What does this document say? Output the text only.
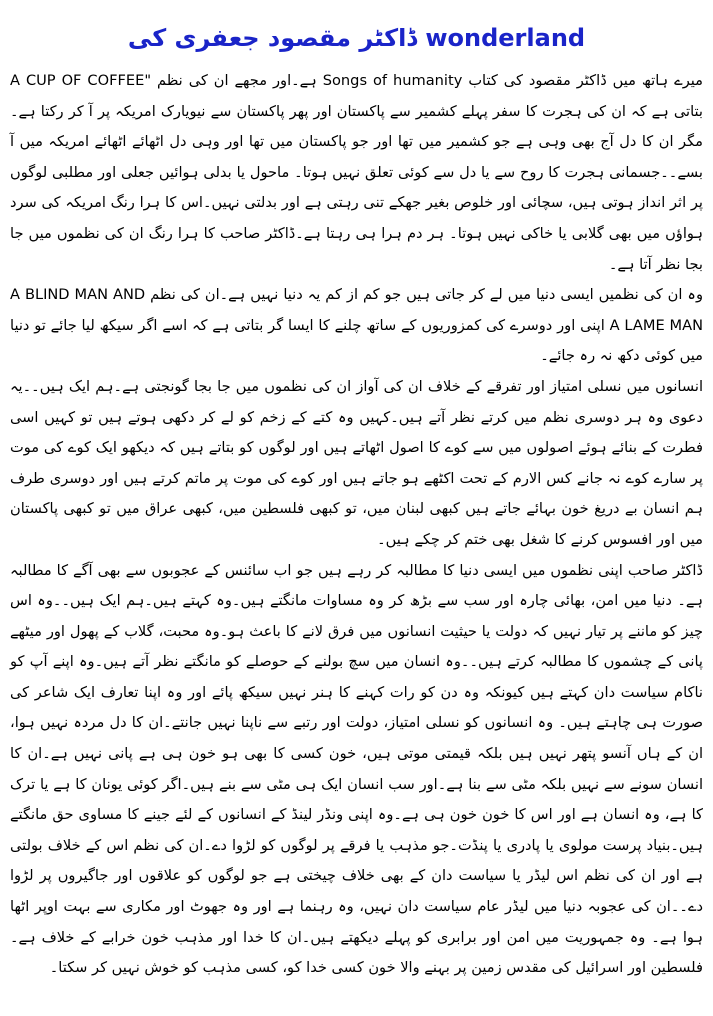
ڈاکٹر مقصود جعفری کی wonderland

میرے ہاتھ میں ڈاکٹر مقصود کی کتاب Songs of humanity ہے۔اور مجھے ان کی نظم "A CUP OF COFFEE بتاتی ہے کہ ان کی ہجرت کا سفر پہلے کشمیر سے پاکستان اور پھر پاکستان سے نیویارک امریکہ پر آ کر رکتا ہے۔مگر ان کا دل آج بھی وہی ہے جو کشمیر میں تھا اور جو پاکستان میں تھا اور وہی دل اٹھائے اٹھائے امریکہ میں آ بسے۔۔جسمانی ہجرت کا روح سے یا دل سے کوئی تعلق نہیں ہوتا۔ ماحول یا بدلی ہوائیں جعلی اور مطلبی لوگوں پر اثر انداز ہوتی ہیں، سچائی اور خلوص بغیر جھکے تنی رہتی ہے اور بدلتی نہیں۔اس کا ہرا رنگ امریکہ کی سرد ہواؤں میں بھی گلابی یا خاکی نہیں ہوتا۔ ہر دم ہرا ہی رہتا ہے۔ڈاکٹر صاحب کا ہرا رنگ ان کی نظموں میں جا بجا نظر آتا ہے۔

وہ ان کی نظمیں ایسی دنیا میں لے کر جاتی ہیں جو کم از کم یہ دنیا نہیں ہے۔ان کی نظم A BLIND MAN AND A LAME MAN اپنی اور دوسرے کی کمزوریوں کے ساتھ چلنے کا ایسا گر بتاتی ہے کہ اسے اگر سیکھ لیا جائے تو دنیا میں کوئی دکھ نہ رہ جائے۔

انسانوں میں نسلی امتیاز اور تفرقے کے خلاف ان کی آواز ان کی نظموں میں جا بجا گونجتی ہے۔ہم ایک ہیں۔۔یہ دعوی وہ ہر دوسری نظم میں کرتے نظر آتے ہیں۔کہیں وہ کتے کے زخم کو لے کر دکھی ہوتے ہیں تو کہیں اسی فطرت کے بنائے ہوئے اصولوں میں سے کوے کا اصول اٹھاتے ہیں اور لوگوں کو بتاتے ہیں کہ دیکھو ایک کوے کی موت پر سارے کوے نہ جانے کس الارم کے تحت اکٹھے ہو جاتے ہیں اور کوے کی موت پر ماتم کرتے ہیں اور دوسری طرف ہم انسان بے دریغ خون بہائے جاتے ہیں کبھی لبنان میں، تو کبھی فلسطین میں، کبھی عراق میں تو کبھی پاکستان میں اور افسوس کرنے کا شغل بھی ختم کر چکے ہیں۔

ڈاکٹر صاحب اپنی نظموں میں ایسی دنیا کا مطالبہ کر رہے ہیں جو اب سائنس کے عجوبوں سے بھی آگے کا مطالبہ ہے۔ دنیا میں امن، بھائی چارہ اور سب سے بڑھ کر وہ مساوات مانگتے ہیں۔وہ کہتے ہیں۔ہم ایک ہیں۔۔وہ اس چیز کو ماننے پر تیار نہیں کہ دولت یا حیثیت انسانوں میں فرق لانے کا باعث ہو۔وہ محبت، گلاب کے پھول اور میٹھے پانی کے چشموں کا مطالبہ کرتے ہیں۔۔وہ انسان میں سچ بولنے کے حوصلے کو مانگتے نظر آتے ہیں۔وہ اپنے آپ کو ناکام سیاست دان کہتے ہیں کیونکہ وہ دن کو رات کہنے کا ہنر نہیں سیکھ پائے اور وہ اپنا تعارف ایک شاعر کی صورت ہی چاہتے ہیں۔ وہ انسانوں کو نسلی امتیاز، دولت اور رتبے سے ناپنا نہیں جانتے۔ان کا دل مردہ نہیں ہوا، ان کے ہاں آنسو پتھر نہیں ہیں بلکہ قیمتی موتی ہیں، خون کسی کا بھی ہو خون ہی ہے پانی نہیں ہے۔ان کا انسان سونے سے نہیں بلکہ مٹی سے بنا ہے۔اور سب انسان ایک ہی مٹی سے بنے ہیں۔اگر کوئی یونان کا ہے یا ترک کا ہے، وہ انسان ہے اور اس کا خون خون ہی ہے۔وہ اپنی ونڈر لینڈ کے انسانوں کے لئے جینے کا مساوی حق مانگتے ہیں۔بنیاد پرست مولوی یا پادری یا پنڈت۔جو مذہب یا فرقے پر لوگوں کو لڑوا دے۔ان کی نظم اس کے خلاف بولتی ہے اور ان کی نظم اس لیڈر یا سیاست دان کے بھی خلاف چیختی ہے جو لوگوں کو علاقوں اور جاگیروں پر لڑوا دے۔۔ان کی عجوبہ دنیا میں لیڈر عام سیاست دان نہیں، وہ رہنما ہے اور وہ جھوٹ اور مکاری سے بہت اوپر اٹھا ہوا ہے۔ وہ جمہوریت میں امن اور برابری کو پہلے دیکھتے ہیں۔ان کا خدا اور مذہب خون خرابے کے خلاف ہے۔فلسطین اور اسرائیل کی مقدس زمین پر بہنے والا خون کسی خدا کو، کسی مذہب کو خوش نہیں کر سکتا۔
